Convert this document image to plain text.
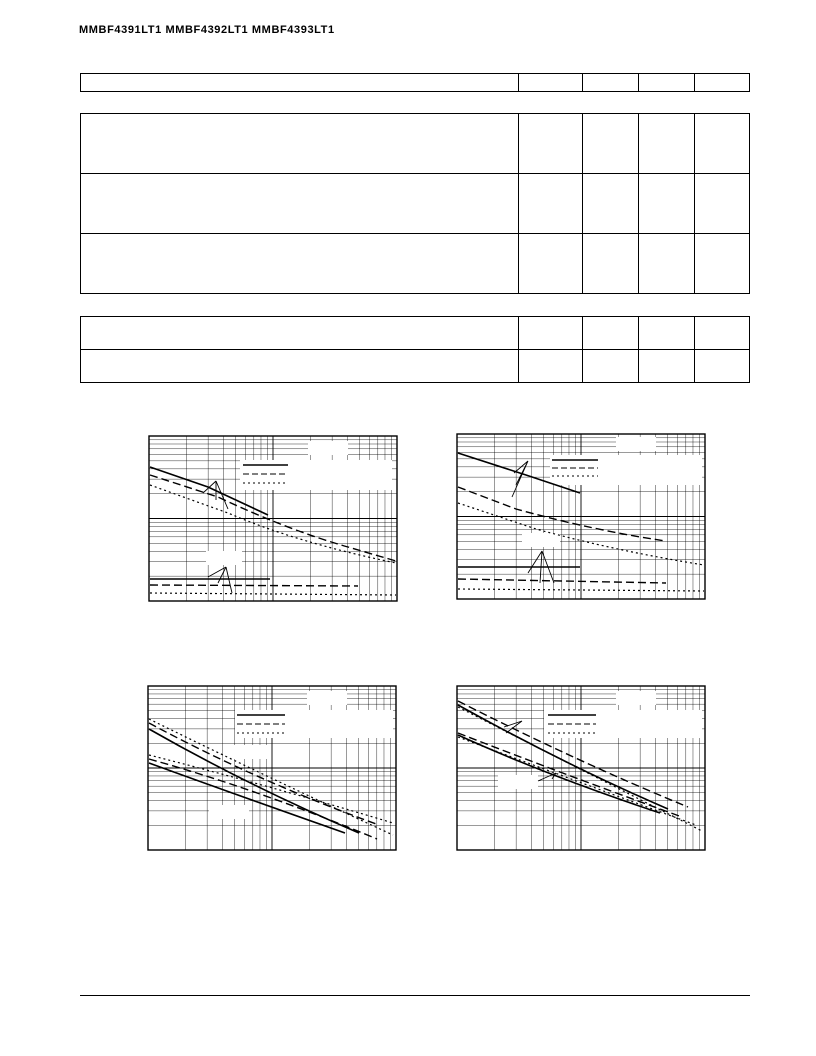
MMBF4391LT1 MMBF4392LT1 MMBF4393LT1
